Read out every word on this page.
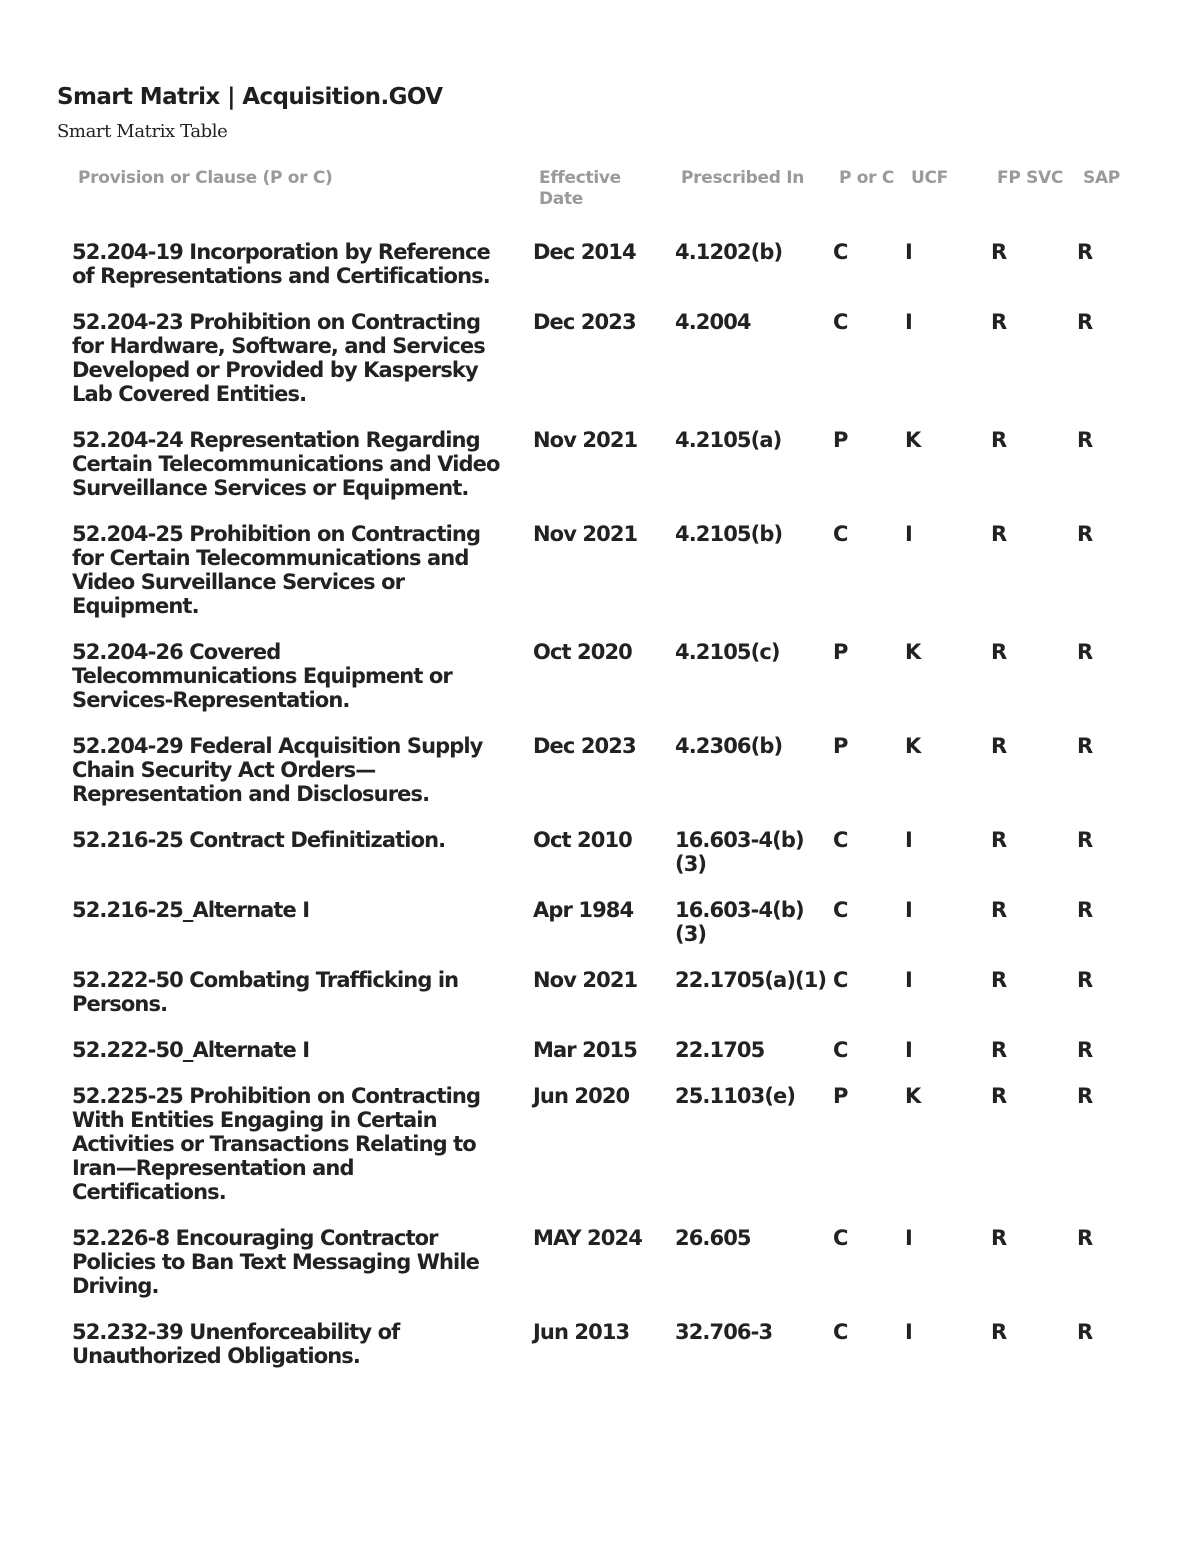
Smart Matrix | Acquisition.GOV

Smart Matrix Table

Provision or Clause (P or C)	Effective Date	Prescribed In	P or C	UCF	FP SVC	SAP
52.204-19 Incorporation by Reference of Representations and Certifications.	Dec 2014	4.1202(b)	C	I	R	R
52.204-23 Prohibition on Contracting for Hardware, Software, and Services Developed or Provided by Kaspersky Lab Covered Entities.	Dec 2023	4.2004	C	I	R	R
52.204-24 Representation Regarding Certain Telecommunications and Video Surveillance Services or Equipment.	Nov 2021	4.2105(a)	P	K	R	R
52.204-25 Prohibition on Contracting for Certain Telecommunications and Video Surveillance Services or Equipment.	Nov 2021	4.2105(b)	C	I	R	R
52.204-26 Covered Telecommunications Equipment or Services-Representation.	Oct 2020	4.2105(c)	P	K	R	R
52.204-29 Federal Acquisition Supply Chain Security Act Orders—Representation and Disclosures.	Dec 2023	4.2306(b)	P	K	R	R
52.216-25 Contract Definitization.	Oct 2010	16.603-4(b)(3)	C	I	R	R
52.216-25_Alternate I	Apr 1984	16.603-4(b)(3)	C	I	R	R
52.222-50 Combating Trafficking in Persons.	Nov 2021	22.1705(a)(1)	C	I	R	R
52.222-50_Alternate I	Mar 2015	22.1705	C	I	R	R
52.225-25 Prohibition on Contracting With Entities Engaging in Certain Activities or Transactions Relating to Iran—Representation and Certifications.	Jun 2020	25.1103(e)	P	K	R	R
52.226-8 Encouraging Contractor Policies to Ban Text Messaging While Driving.	MAY 2024	26.605	C	I	R	R
52.232-39 Unenforceability of Unauthorized Obligations.	Jun 2013	32.706-3	C	I	R	R
